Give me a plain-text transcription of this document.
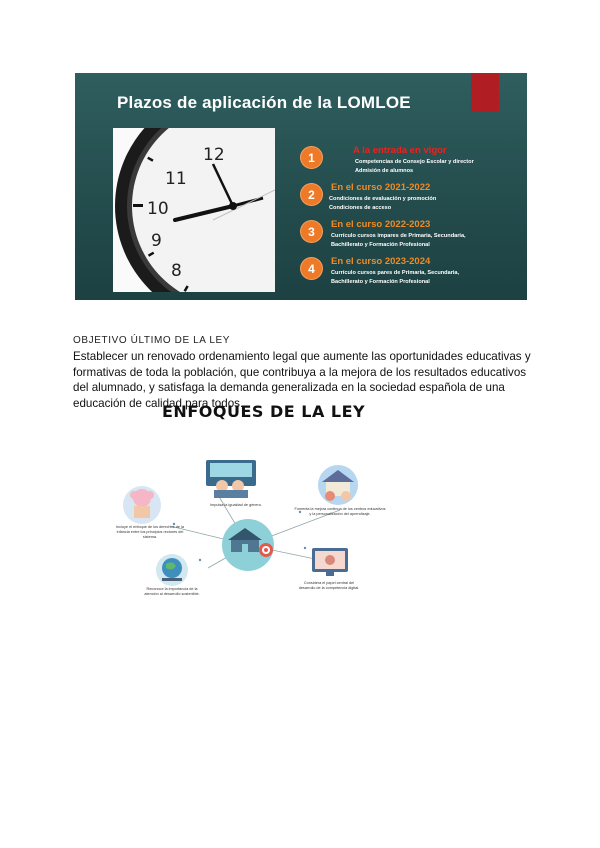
Plazos de aplicación de la LOMLOE
12
11
10
9
8
1	A la entrada en vigor
Competencias de Consejo Escolar y director
Admisión de alumnos
2	En el curso 2021-2022
Condiciones de evaluación y promoción
Condiciones de acceso
3	En el curso 2022-2023
Currículo cursos impares de Primaria, Secundaria,
Bachillerato y Formación Profesional
4	En el curso 2023-2024
Currículo cursos pares de Primaria, Secundaria,
Bachillerato y Formación Profesional
OBJETIVO ÚLTIMO DE LA LEY
Establecer un renovado ordenamiento legal que aumente las oportunidades educativas y formativas de toda la población, que contribuya a la mejora de los resultados educativos del alumnado, y satisfaga la demanda generalizada en la sociedad española de una educación de calidad para todos.
ENFOQUES DE LA LEY
Impulsa la igualdad de género.
Fomenta la mejora continua de los centros educativos y la personalización del aprendizaje.
Incluye el enfoque de los derechos de la infancia entre los principios rectores del sistema.
Reconoce la importancia de la atención al desarrollo sostenible.
Considera el papel central del desarrollo de la competencia digital.
